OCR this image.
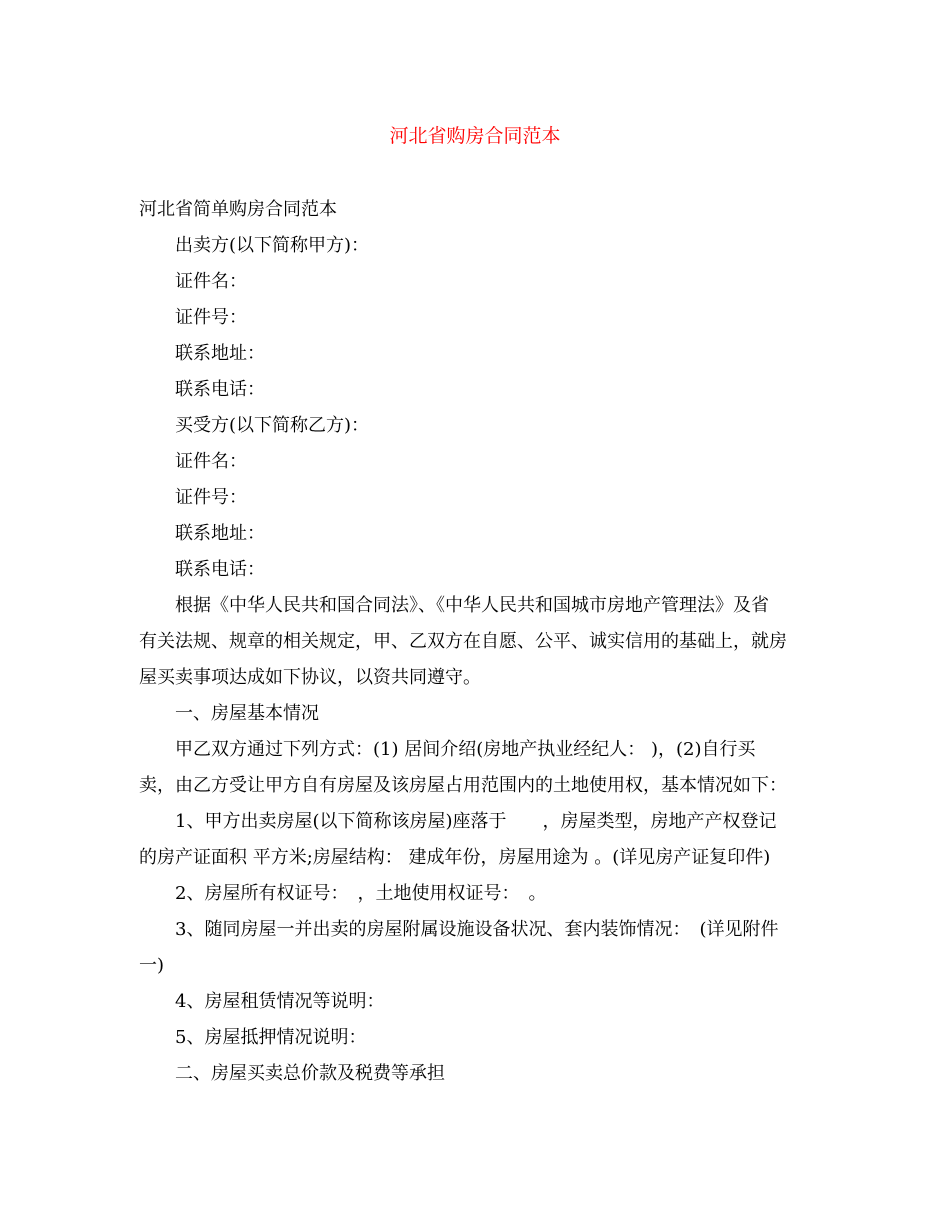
河北省购房合同范本

河北省简单购房合同范本

出卖方(以下简称甲方)：

证件名：

证件号：

联系地址：

联系电话：

买受方(以下简称乙方)：

证件名：

证件号：

联系地址：

联系电话：

根据《中华人民共和国合同法》、《中华人民共和国城市房地产管理法》及省

有关法规、规章的相关规定，甲、乙双方在自愿、公平、诚实信用的基础上，就房

屋买卖事项达成如下协议，以资共同遵守。

一、房屋基本情况

甲乙双方通过下列方式：(1) 居间介绍(房地产执业经纪人： )，(2)自行买

卖，由乙方受让甲方自有房屋及该房屋占用范围内的土地使用权，基本情况如下：

1、甲方出卖房屋(以下简称该房屋)座落于　　，房屋类型，房地产产权登记

的房产证面积 平方米;房屋结构： 建成年份，房屋用途为 。(详见房产证复印件)

2、房屋所有权证号：　，土地使用权证号：　。

3、随同房屋一并出卖的房屋附属设施设备状况、套内装饰情况：　(详见附件

一)

4、房屋租赁情况等说明：

5、房屋抵押情况说明：

二、房屋买卖总价款及税费等承担
